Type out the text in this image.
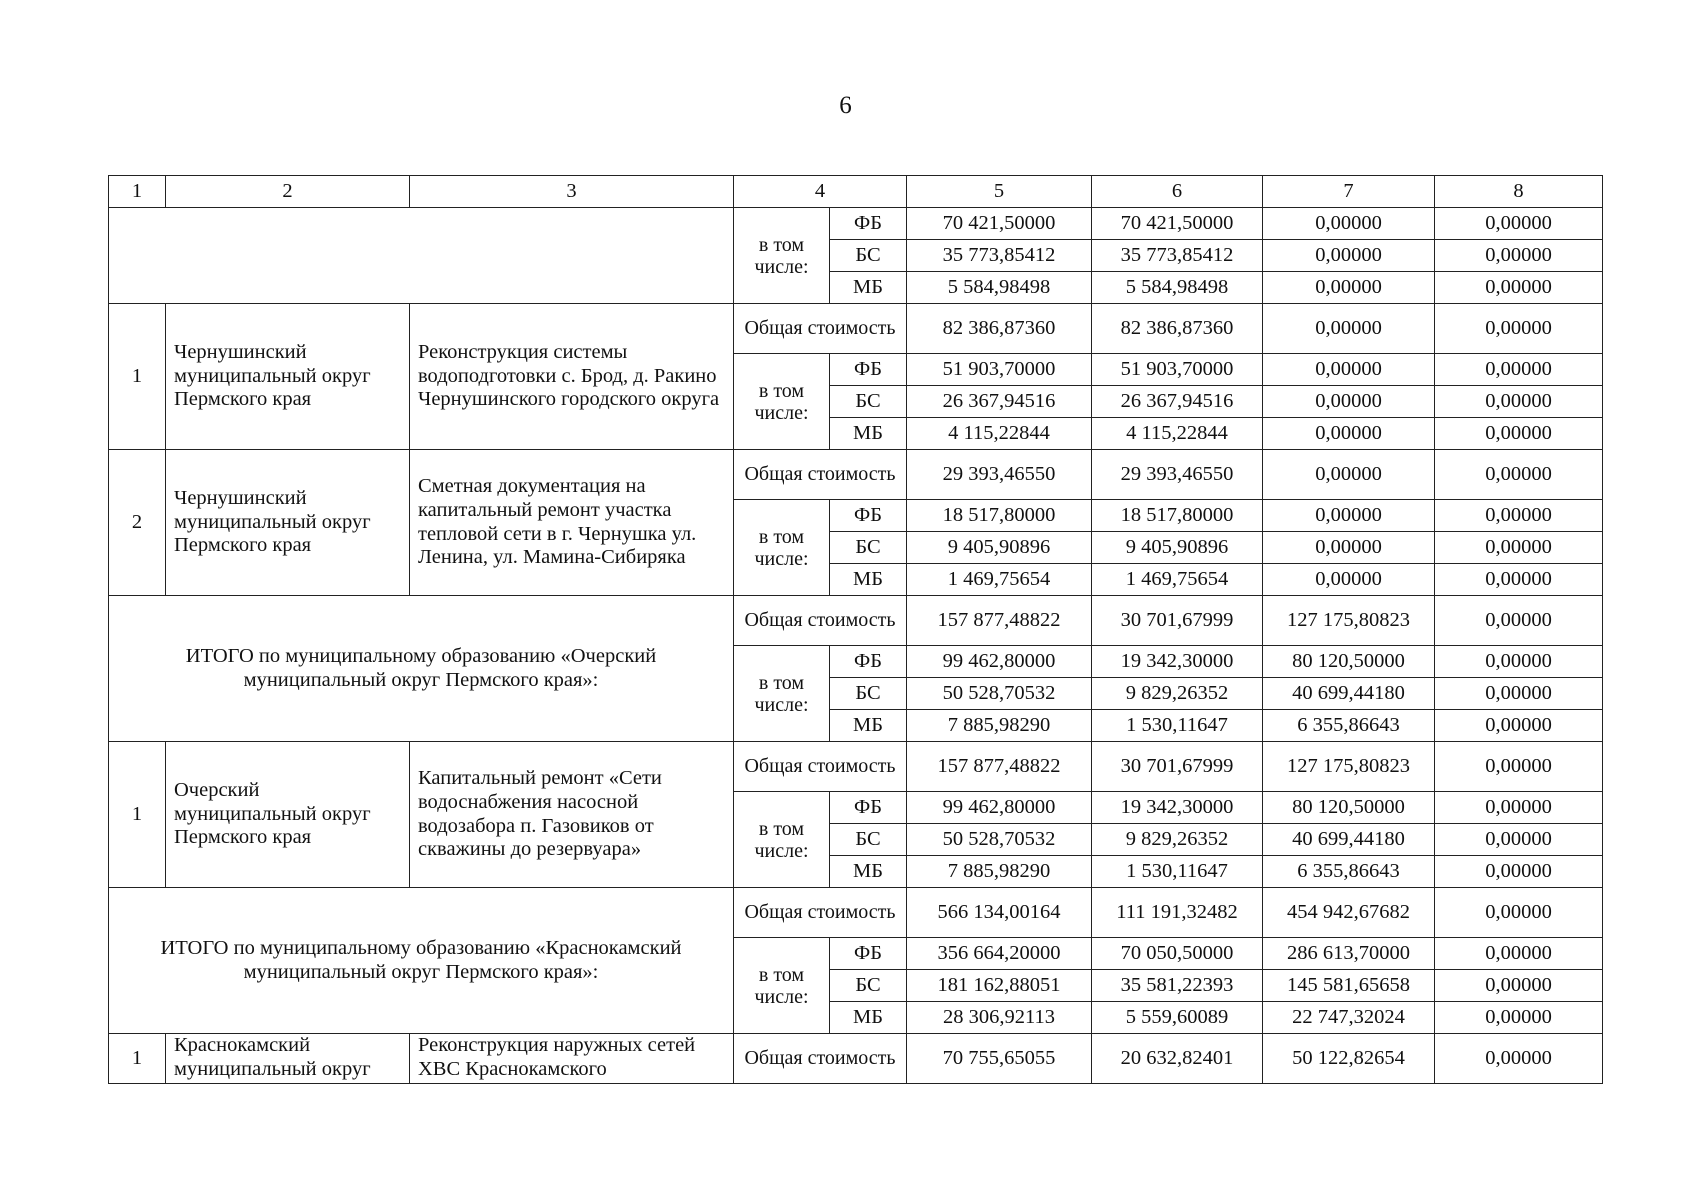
6
1	2	3	4		5	6	7	8
			в том числе:	ФБ	70 421,50000	70 421,50000	0,00000	0,00000
				БС	35 773,85412	35 773,85412	0,00000	0,00000
				МБ	5 584,98498	5 584,98498	0,00000	0,00000
1	Чернушинский муниципальный округ Пермского края	Реконструкция системы водоподготовки с. Брод, д. Ракино Чернушинского городского округа	Общая стоимость		82 386,87360	82 386,87360	0,00000	0,00000
			в том числе:	ФБ	51 903,70000	51 903,70000	0,00000	0,00000
				БС	26 367,94516	26 367,94516	0,00000	0,00000
				МБ	4 115,22844	4 115,22844	0,00000	0,00000
2	Чернушинский муниципальный округ Пермского края	Сметная документация на капитальный ремонт участка тепловой сети в г. Чернушка ул. Ленина, ул. Мамина-Сибиряка	Общая стоимость		29 393,46550	29 393,46550	0,00000	0,00000
			в том числе:	ФБ	18 517,80000	18 517,80000	0,00000	0,00000
				БС	9 405,90896	9 405,90896	0,00000	0,00000
				МБ	1 469,75654	1 469,75654	0,00000	0,00000
ИТОГО по муниципальному образованию «Очерский муниципальный округ Пермского края»:			Общая стоимость		157 877,48822	30 701,67999	127 175,80823	0,00000
			в том числе:	ФБ	99 462,80000	19 342,30000	80 120,50000	0,00000
				БС	50 528,70532	9 829,26352	40 699,44180	0,00000
				МБ	7 885,98290	1 530,11647	6 355,86643	0,00000
1	Очерский муниципальный округ Пермского края	Капитальный ремонт «Сети водоснабжения насосной водозабора п. Газовиков от скважины до резервуара»	Общая стоимость		157 877,48822	30 701,67999	127 175,80823	0,00000
			в том числе:	ФБ	99 462,80000	19 342,30000	80 120,50000	0,00000
				БС	50 528,70532	9 829,26352	40 699,44180	0,00000
				МБ	7 885,98290	1 530,11647	6 355,86643	0,00000
ИТОГО по муниципальному образованию «Краснокамский муниципальный округ Пермского края»:			Общая стоимость		566 134,00164	111 191,32482	454 942,67682	0,00000
			в том числе:	ФБ	356 664,20000	70 050,50000	286 613,70000	0,00000
				БС	181 162,88051	35 581,22393	145 581,65658	0,00000
				МБ	28 306,92113	5 559,60089	22 747,32024	0,00000
1	Краснокамский муниципальный округ	Реконструкция наружных сетей ХВС Краснокамского	Общая стоимость		70 755,65055	20 632,82401	50 122,82654	0,00000
